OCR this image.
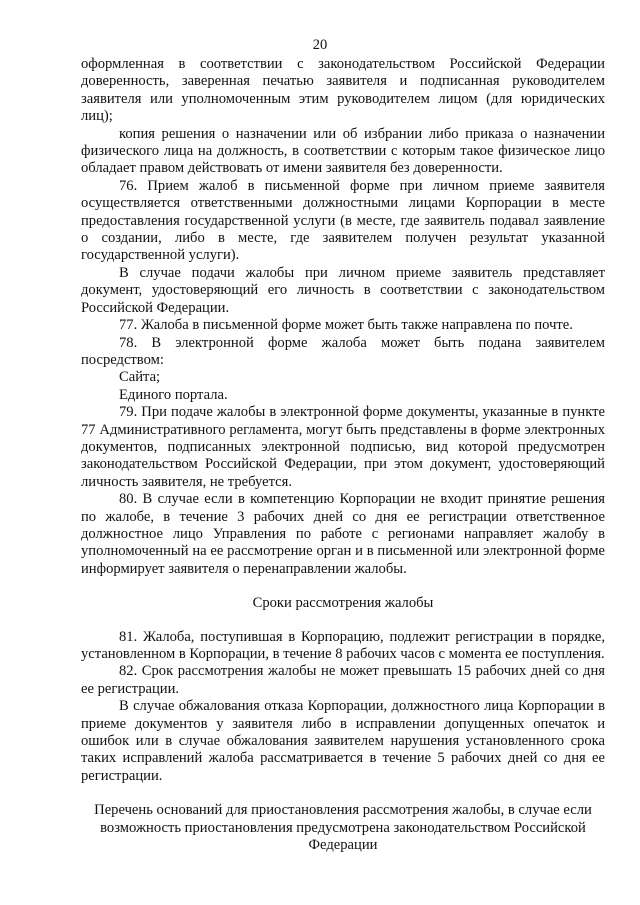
20

оформленная в соответствии с законодательством Российской Федерации доверенность, заверенная печатью заявителя и подписанная руководителем заявителя или уполномоченным этим руководителем лицом (для юридических лиц);

копия решения о назначении или об избрании либо приказа о назначении физического лица на должность, в соответствии с которым такое физическое лицо обладает правом действовать от имени заявителя без доверенности.

76. Прием жалоб в письменной форме при личном приеме заявителя осуществляется ответственными должностными лицами Корпорации в месте предоставления государственной услуги (в месте, где заявитель подавал заявление о создании, либо в месте, где заявителем получен результат указанной государственной услуги).

В случае подачи жалобы при личном приеме заявитель представляет документ, удостоверяющий его личность в соответствии с законодательством Российской Федерации.

77. Жалоба в письменной форме может быть также направлена по почте.

78. В электронной форме жалоба может быть подана заявителем посредством:

Сайта;

Единого портала.

79. При подаче жалобы в электронной форме документы, указанные в пункте 77 Административного регламента, могут быть представлены в форме электронных документов, подписанных электронной подписью, вид которой предусмотрен законодательством Российской Федерации, при этом документ, удостоверяющий личность заявителя, не требуется.

80. В случае если в компетенцию Корпорации не входит принятие решения по жалобе, в течение 3 рабочих дней со дня ее регистрации ответственное должностное лицо Управления по работе с регионами направляет жалобу в уполномоченный на ее рассмотрение орган и в письменной или электронной форме информирует заявителя о перенаправлении жалобы.

Сроки рассмотрения жалобы

81. Жалоба, поступившая в Корпорацию, подлежит регистрации в порядке, установленном в Корпорации, в течение 8 рабочих часов с момента ее поступления.

82. Срок рассмотрения жалобы не может превышать 15 рабочих дней со дня ее регистрации.

В случае обжалования отказа Корпорации, должностного лица Корпорации в приеме документов у заявителя либо в исправлении допущенных опечаток и ошибок или в случае обжалования заявителем нарушения установленного срока таких исправлений жалоба рассматривается в течение 5 рабочих дней со дня ее регистрации.

Перечень оснований для приостановления рассмотрения жалобы, в случае если возможность приостановления предусмотрена законодательством Российской Федерации
